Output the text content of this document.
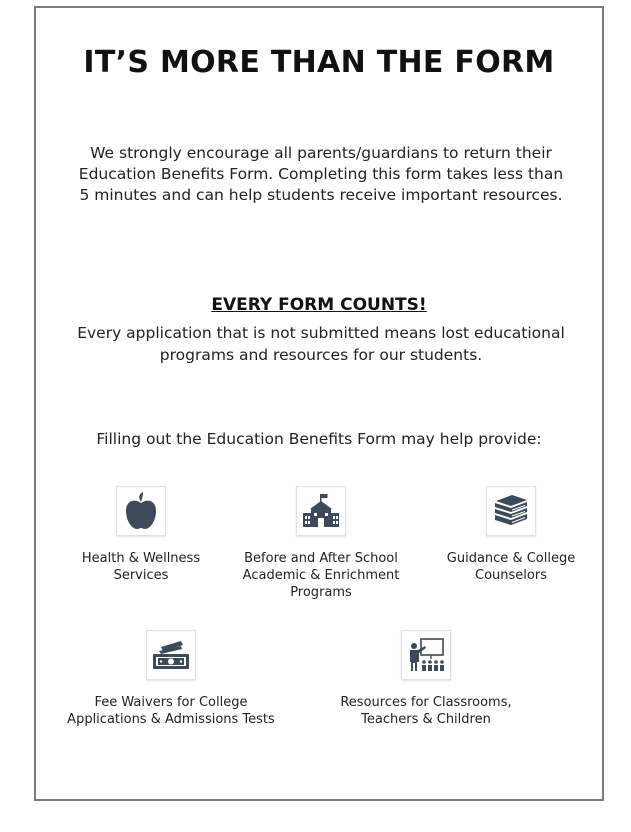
IT’S MORE THAN THE FORM
We strongly encourage all parents/guardians to return their Education Benefits Form. Completing this form takes less than 5 minutes and can help students receive important resources.
EVERY FORM COUNTS!
Every application that is not submitted means lost educational programs and resources for our students.
Filling out the Education Benefits Form may help provide:
Health & Wellness Services
Before and After School Academic & Enrichment Programs
Guidance & College Counselors
Fee Waivers for College Applications & Admissions Tests
Resources for Classrooms, Teachers & Children
